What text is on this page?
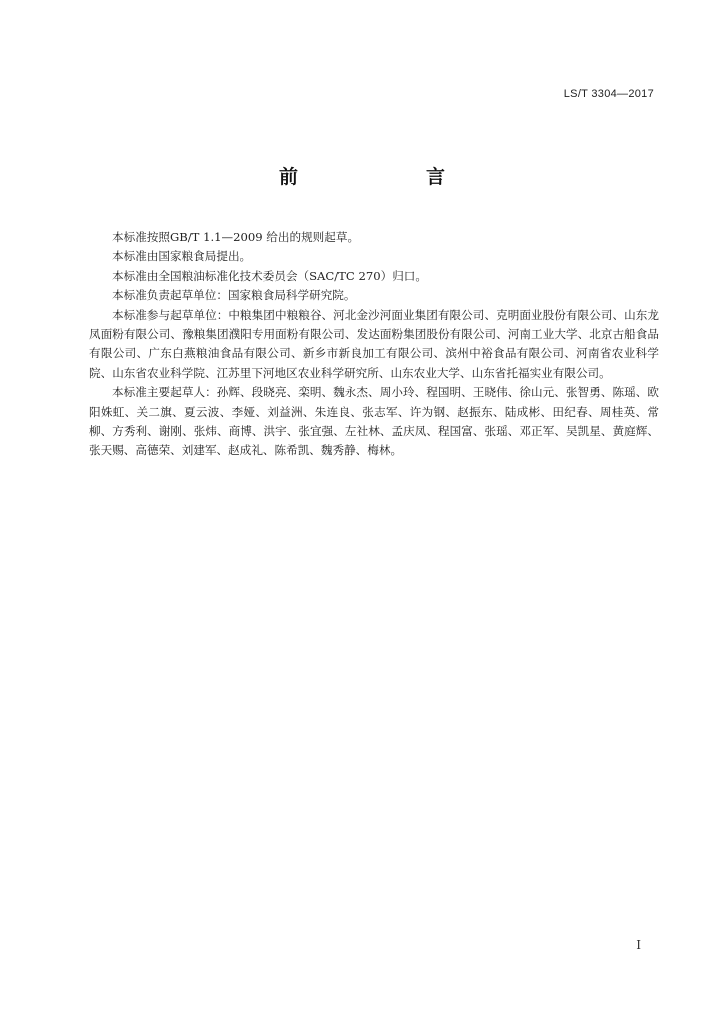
LS/T 3304—2017
前　　言

本标准按照GB/T 1.1—2009 给出的规则起草。

本标准由国家粮食局提出。

本标准由全国粮油标准化技术委员会（SAC/TC 270）归口。

本标准负责起草单位：国家粮食局科学研究院。

本标准参与起草单位：中粮集团中粮粮谷、河北金沙河面业集团有限公司、克明面业股份有限公司、山东龙凤面粉有限公司、豫粮集团濮阳专用面粉有限公司、发达面粉集团股份有限公司、河南工业大学、北京古船食品有限公司、广东白燕粮油食品有限公司、新乡市新良加工有限公司、滨州中裕食品有限公司、河南省农业科学院、山东省农业科学院、江苏里下河地区农业科学研究所、山东农业大学、山东省托福实业有限公司。

本标准主要起草人：孙辉、段晓亮、栾明、魏永杰、周小玲、程国明、王晓伟、徐山元、张智勇、陈瑶、欧阳姝虹、关二旗、夏云波、李娅、刘益洲、朱连良、张志军、许为钢、赵振东、陆成彬、田纪春、周桂英、常柳、方秀利、谢刚、张炜、商博、洪宇、张宜强、左社林、孟庆凤、程国富、张瑶、邓正军、吴凯星、黄庭辉、张天赐、高德荣、刘建军、赵成礼、陈希凯、魏秀静、梅林。

I
